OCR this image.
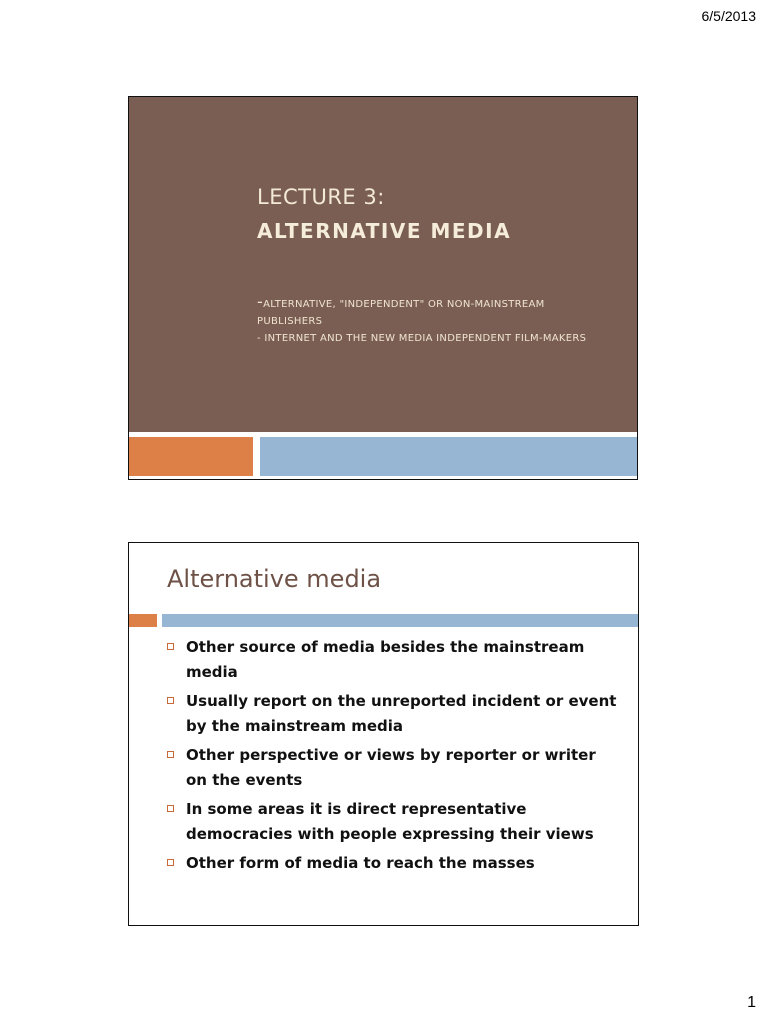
6/5/2013
LECTURE 3:
ALTERNATIVE MEDIA
-ALTERNATIVE, "INDEPENDENT" OR NON-MAINSTREAM PUBLISHERS
- INTERNET AND THE NEW MEDIA INDEPENDENT FILM-MAKERS
Alternative media
Other source of media besides the mainstream media
Usually report on the unreported incident or event by the mainstream media
Other perspective or views by reporter or writer on the events
In some areas it is direct representative democracies with people expressing their views
Other form of media to reach the masses
1
